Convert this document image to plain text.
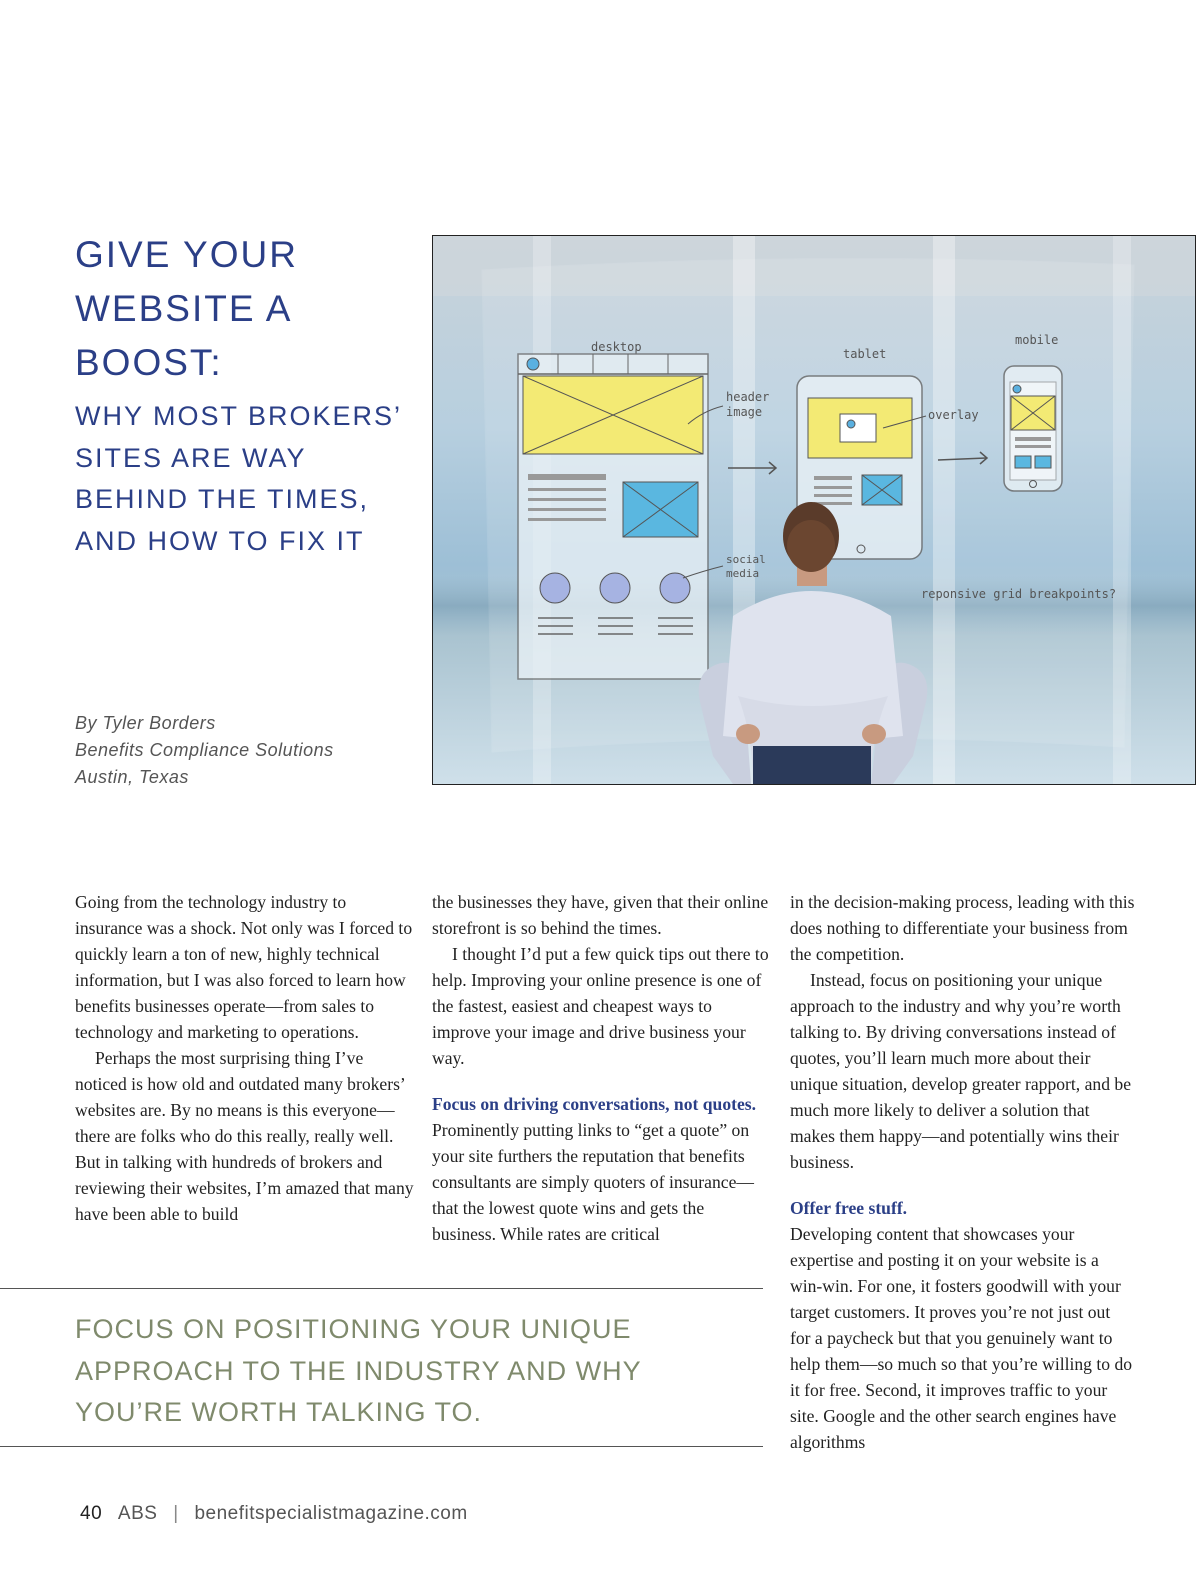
GIVE YOUR WEBSITE A BOOST:
WHY MOST BROKERS’ SITES ARE WAY BEHIND THE TIMES, AND HOW TO FIX IT
By Tyler Borders
Benefits Compliance Solutions
Austin, Texas
desktop
header
image
social
media
tablet
overlay
mobile
reponsive grid breakpoints?

Going from the technology industry to insurance was a shock. Not only was I forced to quickly learn a ton of new, highly technical information, but I was also forced to learn how benefits businesses operate—from sales to technology and marketing to operations.

Perhaps the most surprising thing I’ve noticed is how old and outdated many brokers’ websites are. By no means is this everyone—there are folks who do this really, really well. But in talking with hundreds of brokers and reviewing their websites, I’m amazed that many have been able to build

the businesses they have, given that their online storefront is so behind the times.

I thought I’d put a few quick tips out there to help. Improving your online presence is one of the fastest, easiest and cheapest ways to improve your image and drive business your way.

Focus on driving conversations, not quotes.

Prominently putting links to “get a quote” on your site furthers the reputation that benefits consultants are simply quoters of insurance—that the lowest quote wins and gets the business. While rates are critical

in the decision-making process, leading with this does nothing to differentiate your business from the competition.

Instead, focus on positioning your unique approach to the industry and why you’re worth talking to. By driving conversations instead of quotes, you’ll learn much more about their unique situation, develop greater rapport, and be much more likely to deliver a solution that makes them happy—and potentially wins their business.

Offer free stuff.

Developing content that showcases your expertise and posting it on your website is a win-win. For one, it fosters goodwill with your target customers. It proves you’re not just out for a paycheck but that you genuinely want to help them—so much so that you’re willing to do it for free. Second, it improves traffic to your site. Google and the other search engines have algorithms

FOCUS ON POSITIONING YOUR UNIQUE APPROACH TO THE INDUSTRY AND WHY YOU’RE WORTH TALKING TO.
40 ABS | benefitspecialistmagazine.com
